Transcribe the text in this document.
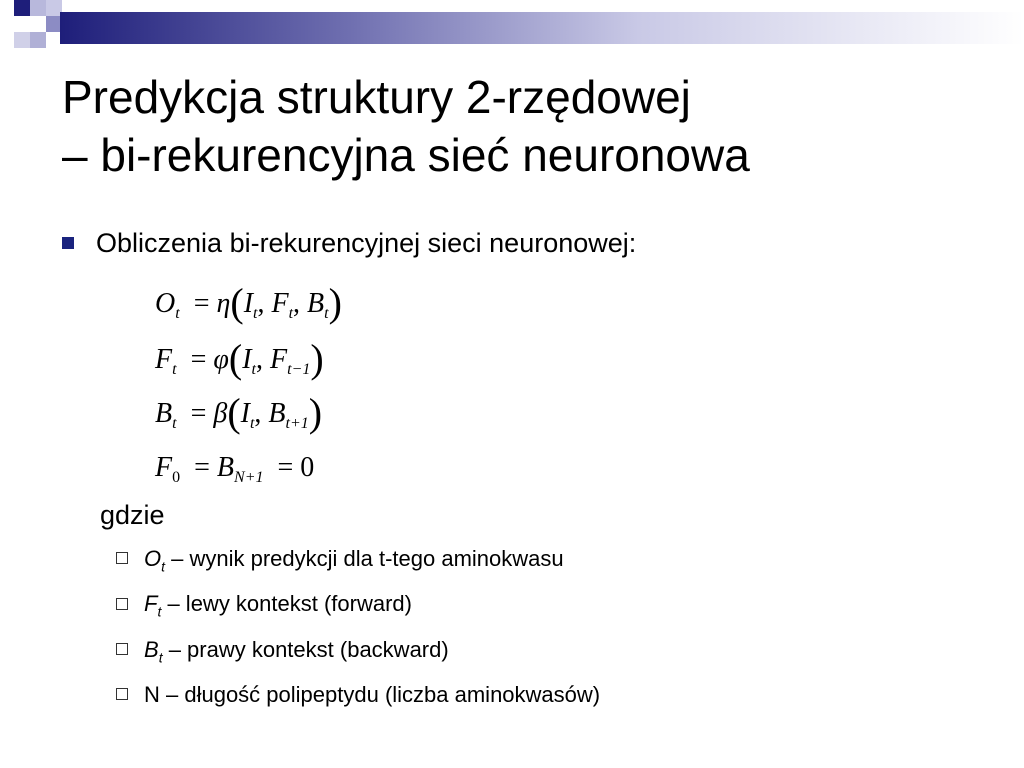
Predykcja struktury 2-rzędowej
– bi-rekurencyjna sieć neuronowa
Obliczenia bi-rekurencyjnej sieci neuronowej:
$O_t = \eta(I_t$, $F_t$, $B_t$)
$F_t = \varphi(I_t$, $F_{t-1}$)
$B_t = \beta(I_t$, $B_{t+1}$)
$F_0 = B_{N+1} = 0$
gdzie
$O_t$ – wynik predykcji dla t-tego aminokwasu
$F_t$ – lewy kontekst (forward)
$B_t$ – prawy kontekst (backward)
N – długość polipeptydu (liczba aminokwasów)
